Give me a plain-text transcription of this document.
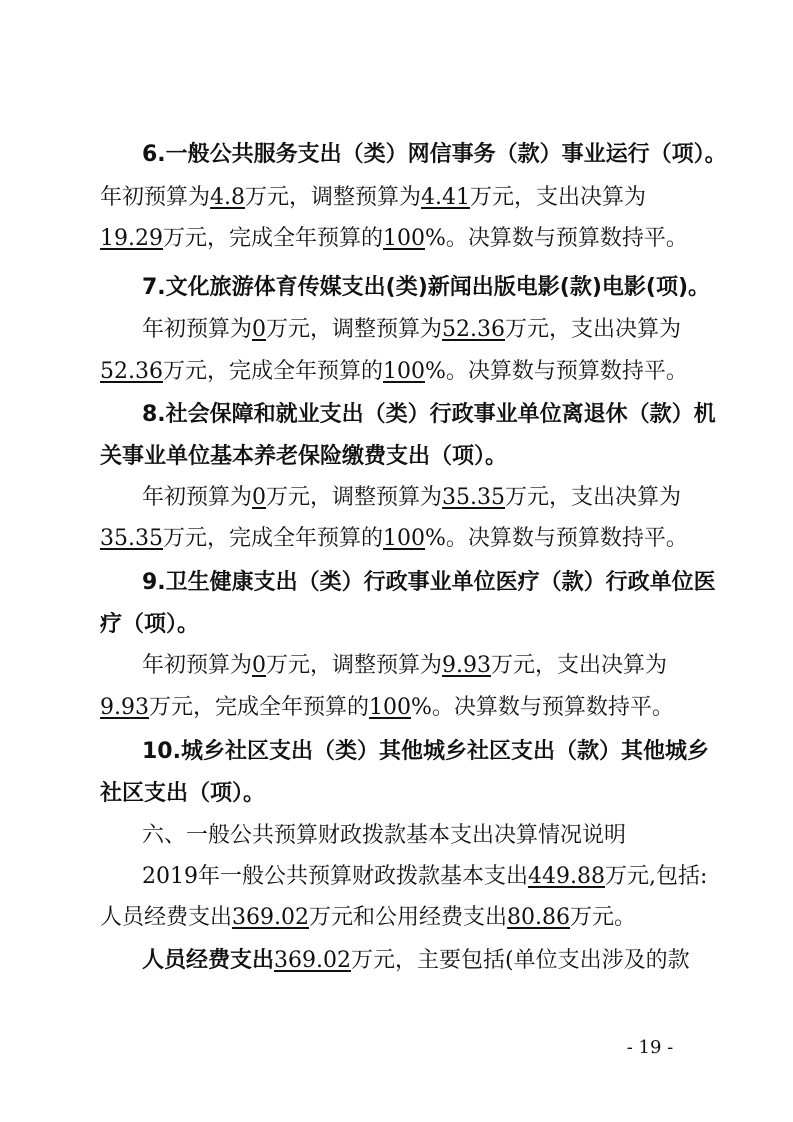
6.一般公共服务支出（类）网信事务（款）事业运行（项）。
年初预算为4.8万元，调整预算为4.41万元，支出决算为
19.29万元，完成全年预算的100%。决算数与预算数持平。
7.文化旅游体育传媒支出(类)新闻出版电影(款)电影(项)。
年初预算为0万元，调整预算为52.36万元，支出决算为
52.36万元，完成全年预算的100%。决算数与预算数持平。
8.社会保障和就业支出（类）行政事业单位离退休（款）机
关事业单位基本养老保险缴费支出（项）。
年初预算为0万元，调整预算为35.35万元，支出决算为
35.35万元，完成全年预算的100%。决算数与预算数持平。
9.卫生健康支出（类）行政事业单位医疗（款）行政单位医
疗（项）。
年初预算为0万元，调整预算为9.93万元，支出决算为
9.93万元，完成全年预算的100%。决算数与预算数持平。
10.城乡社区支出（类）其他城乡社区支出（款）其他城乡
社区支出（项）。
六、一般公共预算财政拨款基本支出决算情况说明
2019年一般公共预算财政拨款基本支出449.88万元,包括:
人员经费支出369.02万元和公用经费支出80.86万元。
人员经费支出369.02万元，主要包括(单位支出涉及的款
- 19 -
